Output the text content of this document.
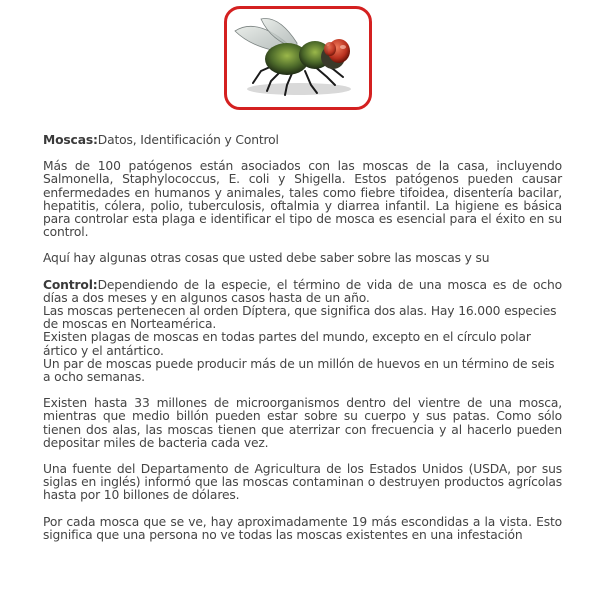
Moscas:Datos, Identificación y Control

Más de 100 patógenos están asociados con las moscas de la casa, incluyendo Salmonella, Staphylococcus, E. coli y Shigella. Estos patógenos pueden causar enfermedades en humanos y animales, tales como fiebre tifoidea, disentería bacilar, hepatitis, cólera, polio, tuberculosis, oftalmia y diarrea infantil. La higiene es básica para controlar esta plaga e identificar el tipo de mosca es esencial para el éxito en su control.

Aquí hay algunas otras cosas que usted debe saber sobre las moscas y su

Control:Dependiendo de la especie, el término de vida de una mosca es de ocho días a dos meses y en algunos casos hasta de un año.

Las moscas pertenecen al orden Díptera, que significa dos alas. Hay 16.000 especies de moscas en Norteamérica.

Existen plagas de moscas en todas partes del mundo, excepto en el círculo polar ártico y el antártico.

Un par de moscas puede producir más de un millón de huevos en un término de seis a ocho semanas.

Existen hasta 33 millones de microorganismos dentro del vientre de una mosca, mientras que medio billón pueden estar sobre su cuerpo y sus patas. Como sólo tienen dos alas, las moscas tienen que aterrizar con frecuencia y al hacerlo pueden depositar miles de bacteria cada vez.

Una fuente del Departamento de Agricultura de los Estados Unidos (USDA, por sus siglas en inglés) informó que las moscas contaminan o destruyen productos agrícolas hasta por 10 billones de dólares.

Por cada mosca que se ve, hay aproximadamente 19 más escondidas a la vista. Esto significa que una persona no ve todas las moscas existentes en una infestación
